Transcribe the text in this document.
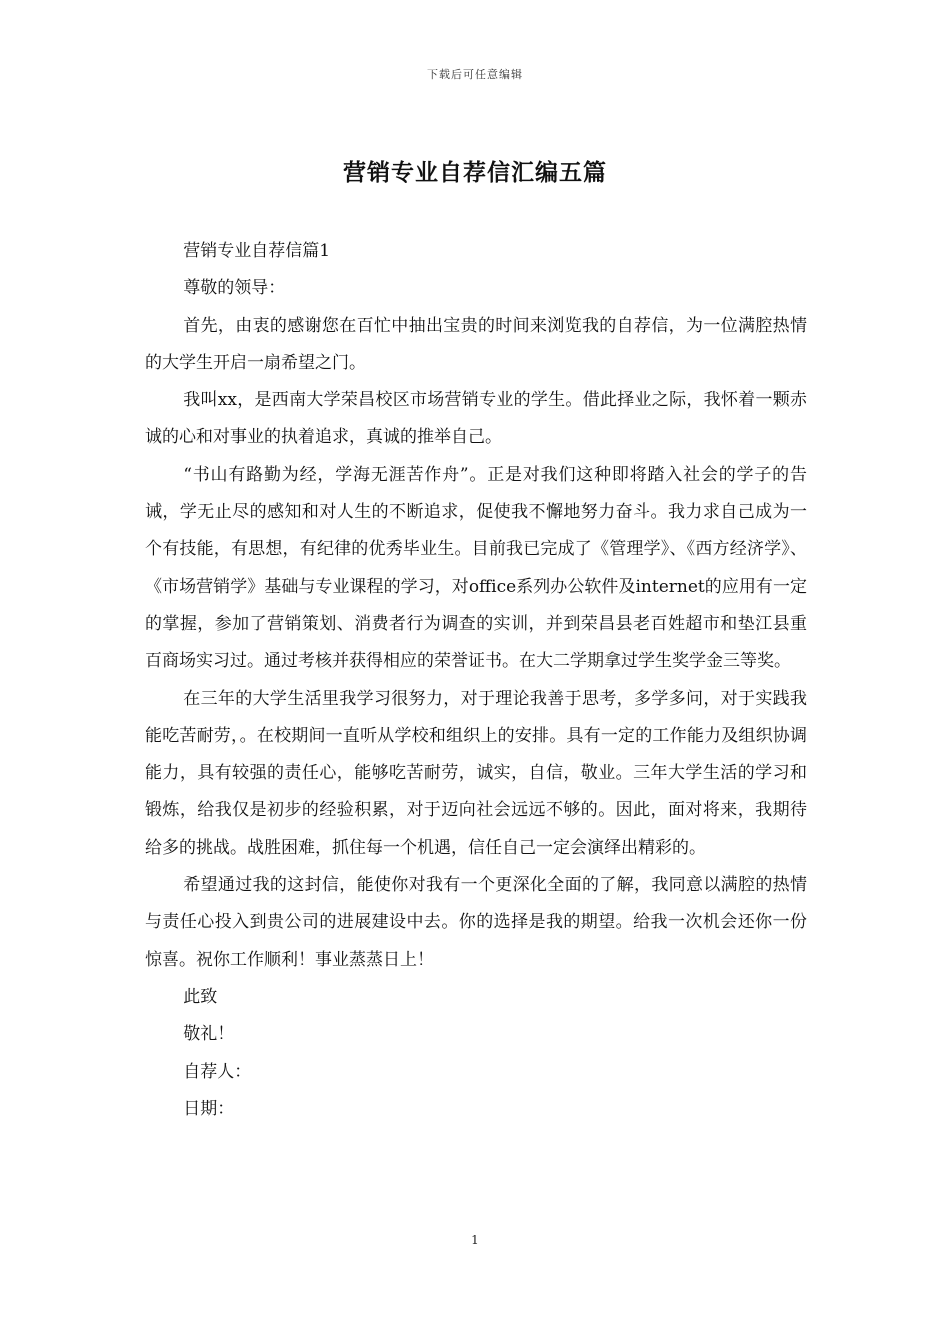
下载后可任意编辑
营销专业自荐信汇编五篇

营销专业自荐信篇1

尊敬的领导：

首先，由衷的感谢您在百忙中抽出宝贵的时间来浏览我的自荐信，为一位满腔热情的大学生开启一扇希望之门。

我叫xx，是西南大学荣昌校区市场营销专业的学生。借此择业之际，我怀着一颗赤诚的心和对事业的执着追求，真诚的推举自己。

“书山有路勤为经，学海无涯苦作舟”。正是对我们这种即将踏入社会的学子的告诫，学无止尽的感知和对人生的不断追求，促使我不懈地努力奋斗。我力求自己成为一个有技能，有思想，有纪律的优秀毕业生。目前我已完成了《管理学》、《西方经济学》、《市场营销学》基础与专业课程的学习，对office系列办公软件及internet的应用有一定的掌握，参加了营销策划、消费者行为调查的实训，并到荣昌县老百姓超市和垫江县重百商场实习过。通过考核并获得相应的荣誉证书。在大二学期拿过学生奖学金三等奖。

在三年的大学生活里我学习很努力，对于理论我善于思考，多学多问，对于实践我能吃苦耐劳，。在校期间一直听从学校和组织上的安排。具有一定的工作能力及组织协调能力，具有较强的责任心，能够吃苦耐劳，诚实，自信，敬业。三年大学生活的学习和锻炼，给我仅是初步的经验积累，对于迈向社会远远不够的。因此，面对将来，我期待给多的挑战。战胜困难，抓住每一个机遇，信任自己一定会演绎出精彩的。

希望通过我的这封信，能使你对我有一个更深化全面的了解，我同意以满腔的热情与责任心投入到贵公司的进展建设中去。你的选择是我的期望。给我一次机会还你一份惊喜。祝你工作顺利！事业蒸蒸日上！

此致

敬礼！

自荐人：

日期：

1
